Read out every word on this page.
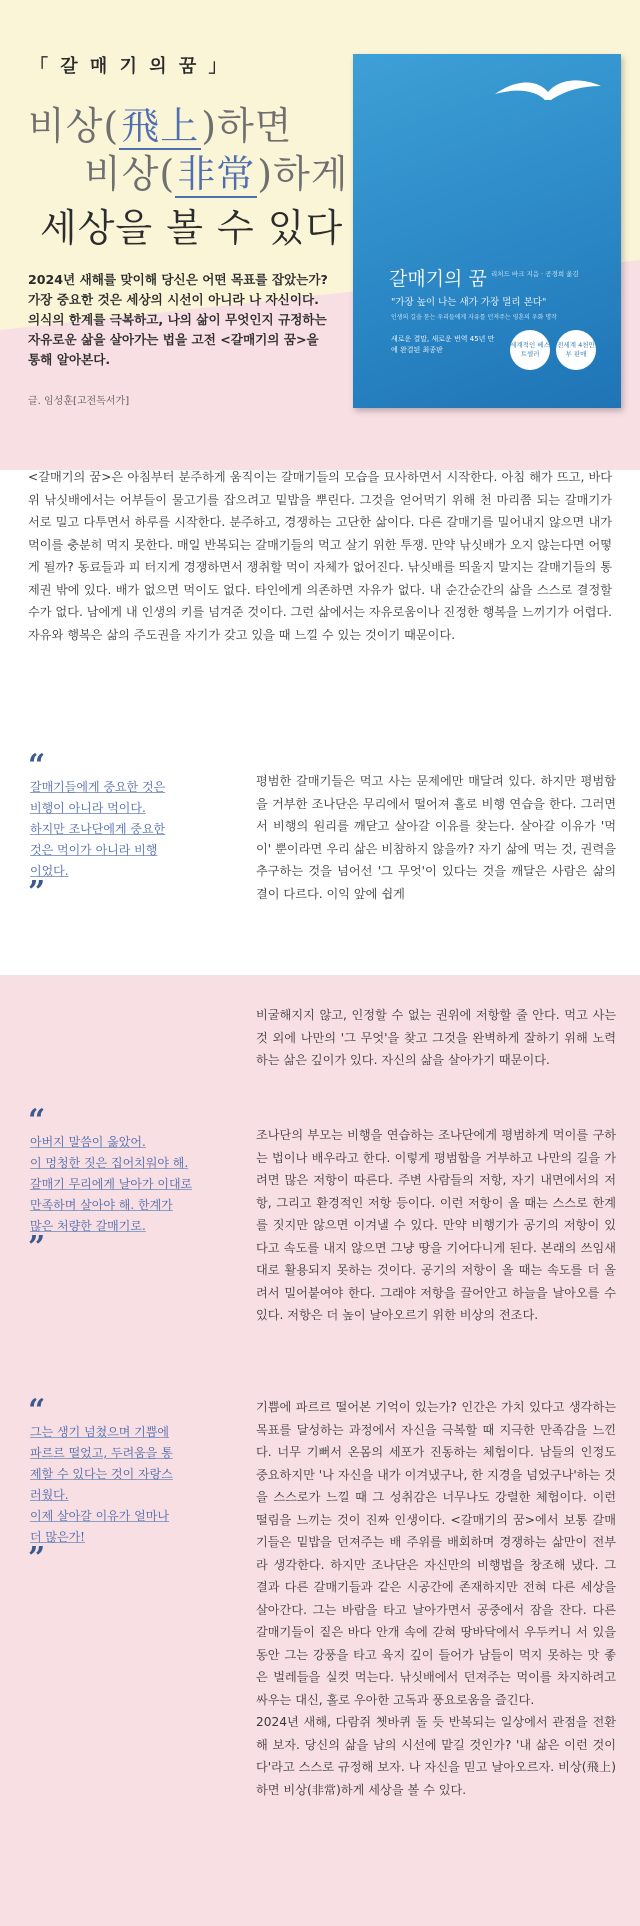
「 갈 매 기 의 꿈 」
비상(飛上)하면
비상(非常)하게
세상을 볼 수 있다

2024년 새해를 맞이해 당신은 어떤 목표를 잡았는가?

가장 중요한 것은 세상의 시선이 아니라 나 자신이다.

의식의 한계를 극복하고, 나의 삶이 무엇인지 규정하는

자유로운 삶을 살아가는 법을 고전 <갈매기의 꿈>을

통해 알아본다.

글. 임성훈[고전독서가]
갈매기의 꿈 리처드 바크 지음 · 공경희 옮김
"가장 높이 나는 새가 가장 멀리 본다"
인생의 길을 묻는 우리들에게 자유를 던져주는 영혼의 우화 명작
새로운 결말, 새로운 번역 45년 만에 완결된 최종판
세계적인 베스트셀러
전세계 4천만부 판매

<갈매기의 꿈>은 아침부터 분주하게 움직이는 갈매기들의 모습을 묘사하면서 시작한다. 아침 해가 뜨고, 바다 위 낚싯배에서는 어부들이 물고기를 잡으려고 밑밥을 뿌린다. 그것을 얻어먹기 위해 천 마리쯤 되는 갈매기가 서로 밀고 다투면서 하루를 시작한다. 분주하고, 경쟁하는 고단한 삶이다. 다른 갈매기를 밀어내지 않으면 내가 먹이를 충분히 먹지 못한다. 매일 반복되는 갈매기들의 먹고 살기 위한 투쟁. 만약 낚싯배가 오지 않는다면 어떻게 될까? 동료들과 피 터지게 경쟁하면서 쟁취할 먹이 자체가 없어진다. 낚싯배를 띄울지 말지는 갈매기들의 통제권 밖에 있다. 배가 없으면 먹이도 없다. 타인에게 의존하면 자유가 없다. 내 순간순간의 삶을 스스로 결정할 수가 없다. 남에게 내 인생의 키를 넘겨준 것이다. 그런 삶에서는 자유로움이나 진정한 행복을 느끼기가 어렵다. 자유와 행복은 삶의 주도권을 자기가 갖고 있을 때 느낄 수 있는 것이기 때문이다.

“
갈매기들에게 중요한 것은
비행이 아니라 먹이다.
하지만 조나단에게 중요한
것은 먹이가 아니라 비행
이었다.
”

평범한 갈매기들은 먹고 사는 문제에만 매달려 있다. 하지만 평범함을 거부한 조나단은 무리에서 떨어져 홀로 비행 연습을 한다. 그러면서 비행의 원리를 깨닫고 살아갈 이유를 찾는다. 살아갈 이유가 '먹이' 뿐이라면 우리 삶은 비참하지 않을까? 자기 삶에 먹는 것, 권력을 추구하는 것을 넘어선 '그 무엇'이 있다는 것을 깨달은 사람은 삶의 결이 다르다. 이익 앞에 쉽게

비굴해지지 않고, 인정할 수 없는 권위에 저항할 줄 안다. 먹고 사는 것 외에 나만의 '그 무엇'을 찾고 그것을 완벽하게 잘하기 위해 노력하는 삶은 깊이가 있다. 자신의 삶을 살아가기 때문이다.

“
아버지 말씀이 옳았어.
이 멍청한 짓은 집어치워야 해.
갈매기 무리에게 날아가 이대로
만족하며 살아야 해. 한계가
많은 처량한 갈매기로.
”

조나단의 부모는 비행을 연습하는 조나단에게 평범하게 먹이를 구하는 법이나 배우라고 한다. 이렇게 평범함을 거부하고 나만의 길을 가려면 많은 저항이 따른다. 주변 사람들의 저항, 자기 내면에서의 저항, 그리고 환경적인 저항 등이다. 이런 저항이 올 때는 스스로 한계를 짓지만 않으면 이겨낼 수 있다. 만약 비행기가 공기의 저항이 있다고 속도를 내지 않으면 그냥 땅을 기어다니게 된다. 본래의 쓰임새대로 활용되지 못하는 것이다. 공기의 저항이 올 때는 속도를 더 올려서 밀어붙여야 한다. 그래야 저항을 끌어안고 하늘을 날아오를 수 있다. 저항은 더 높이 날아오르기 위한 비상의 전조다.

“
그는 생기 넘쳤으며 기쁨에
파르르 떨었고, 두려움을 통
제할 수 있다는 것이 자랑스
러웠다.
이제 살아갈 이유가 얼마나
더 많은가!
”

기쁨에 파르르 떨어본 기억이 있는가? 인간은 가치 있다고 생각하는 목표를 달성하는 과정에서 자신을 극복할 때 지극한 만족감을 느낀다. 너무 기뻐서 온몸의 세포가 진동하는 체험이다. 남들의 인정도 중요하지만 '나 자신을 내가 이겨냈구나, 한 지경을 넘었구나'하는 것을 스스로가 느낄 때 그 성취감은 너무나도 강렬한 체험이다. 이런 떨림을 느끼는 것이 진짜 인생이다. <갈매기의 꿈>에서 보통 갈매기들은 밑밥을 던져주는 배 주위를 배회하며 경쟁하는 삶만이 전부라 생각한다. 하지만 조나단은 자신만의 비행법을 창조해 냈다. 그 결과 다른 갈매기들과 같은 시공간에 존재하지만 전혀 다른 세상을 살아간다. 그는 바람을 타고 날아가면서 공중에서 잠을 잔다. 다른 갈매기들이 짙은 바다 안개 속에 갇혀 땅바닥에서 우두커니 서 있을 동안 그는 강풍을 타고 육지 깊이 들어가 남들이 먹지 못하는 맛 좋은 벌레들을 실컷 먹는다. 낚싯배에서 던져주는 먹이를 차지하려고 싸우는 대신, 홀로 우아한 고독과 풍요로움을 즐긴다.

2024년 새해, 다람쥐 쳇바퀴 돌 듯 반복되는 일상에서 관점을 전환해 보자. 당신의 삶을 남의 시선에 맡길 것인가? '내 삶은 이런 것이다'라고 스스로 규정해 보자. 나 자신을 믿고 날아오르자. 비상(飛上)하면 비상(非常)하게 세상을 볼 수 있다.
